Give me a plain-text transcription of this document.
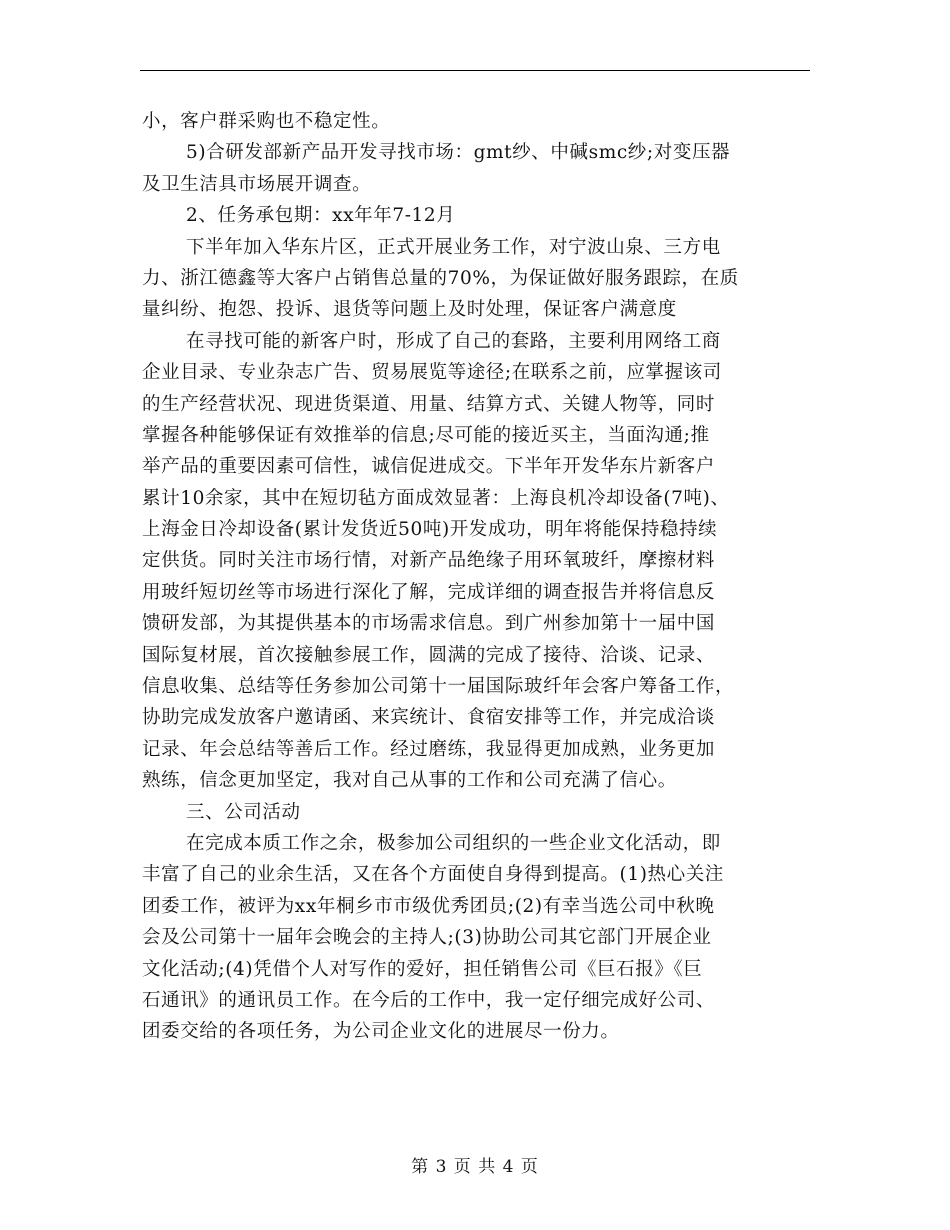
小，客户群采购也不稳定性。
5)合研发部新产品开发寻找市场：gmt纱、中碱smc纱;对变压器
及卫生洁具市场展开调查。
2、任务承包期：xx年年7-12月
下半年加入华东片区，正式开展业务工作，对宁波山泉、三方电
力、浙江德鑫等大客户占销售总量的70%，为保证做好服务跟踪，在质
量纠纷、抱怨、投诉、退货等问题上及时处理，保证客户满意度
在寻找可能的新客户时，形成了自己的套路，主要利用网络工商
企业目录、专业杂志广告、贸易展览等途径;在联系之前，应掌握该司
的生产经营状况、现进货渠道、用量、结算方式、关键人物等，同时
掌握各种能够保证有效推举的信息;尽可能的接近买主，当面沟通;推
举产品的重要因素可信性，诚信促进成交。下半年开发华东片新客户
累计10余家，其中在短切毡方面成效显著：上海良机冷却设备(7吨)、
上海金日冷却设备(累计发货近50吨)开发成功，明年将能保持稳持续
定供货。同时关注市场行情，对新产品绝缘子用环氧玻纤，摩擦材料
用玻纤短切丝等市场进行深化了解，完成详细的调查报告并将信息反
馈研发部，为其提供基本的市场需求信息。到广州参加第十一届中国
国际复材展，首次接触参展工作，圆满的完成了接待、洽谈、记录、
信息收集、总结等任务参加公司第十一届国际玻纤年会客户筹备工作，
协助完成发放客户邀请函、来宾统计、食宿安排等工作，并完成洽谈
记录、年会总结等善后工作。经过磨练，我显得更加成熟，业务更加
熟练，信念更加坚定，我对自己从事的工作和公司充满了信心。
三、公司活动
在完成本质工作之余，极参加公司组织的一些企业文化活动，即
丰富了自己的业余生活，又在各个方面使自身得到提高。(1)热心关注
团委工作，被评为xx年桐乡市市级优秀团员;(2)有幸当选公司中秋晚
会及公司第十一届年会晚会的主持人;(3)协助公司其它部门开展企业
文化活动;(4)凭借个人对写作的爱好，担任销售公司《巨石报》《巨
石通讯》的通讯员工作。在今后的工作中，我一定仔细完成好公司、
团委交给的各项任务，为公司企业文化的进展尽一份力。
第 3 页 共 4 页
